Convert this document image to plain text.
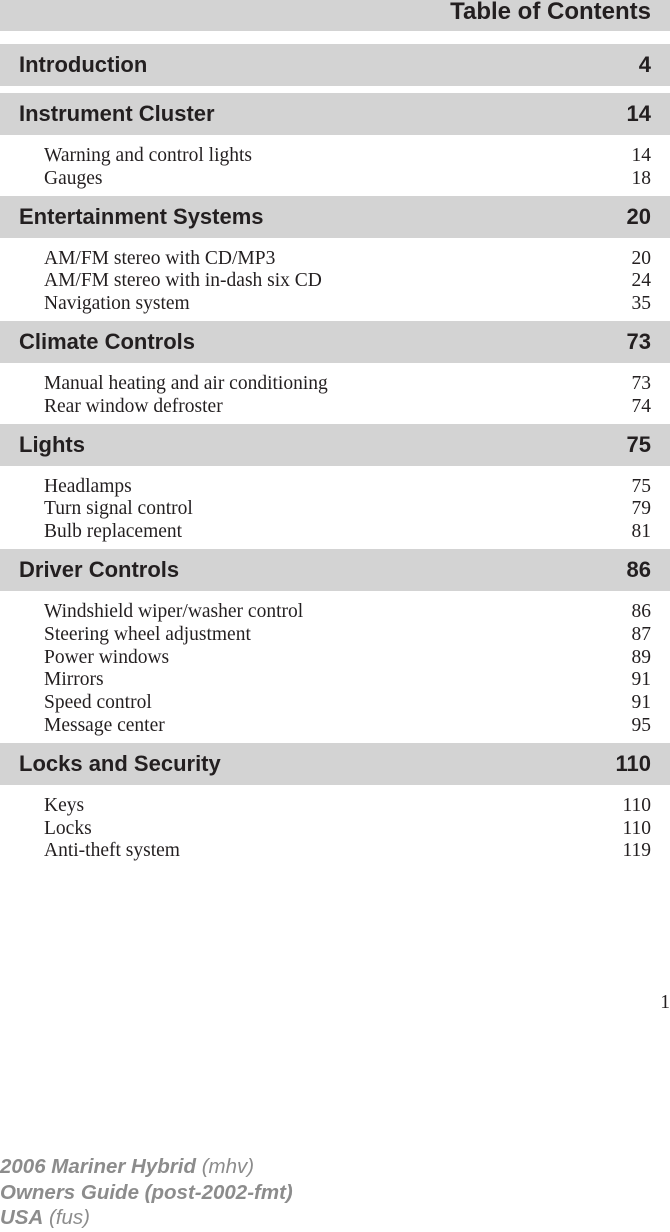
Table of Contents
Introduction	4
Instrument Cluster	14
Warning and control lights	14
Gauges	18
Entertainment Systems	20
AM/FM stereo with CD/MP3	20
AM/FM stereo with in-dash six CD	24
Navigation system	35
Climate Controls	73
Manual heating and air conditioning	73
Rear window defroster	74
Lights	75
Headlamps	75
Turn signal control	79
Bulb replacement	81
Driver Controls	86
Windshield wiper/washer control	86
Steering wheel adjustment	87
Power windows	89
Mirrors	91
Speed control	91
Message center	95
Locks and Security	110
Keys	110
Locks	110
Anti-theft system	119
1
2006 Mariner Hybrid (mhv)
Owners Guide (post-2002-fmt)
USA (fus)
